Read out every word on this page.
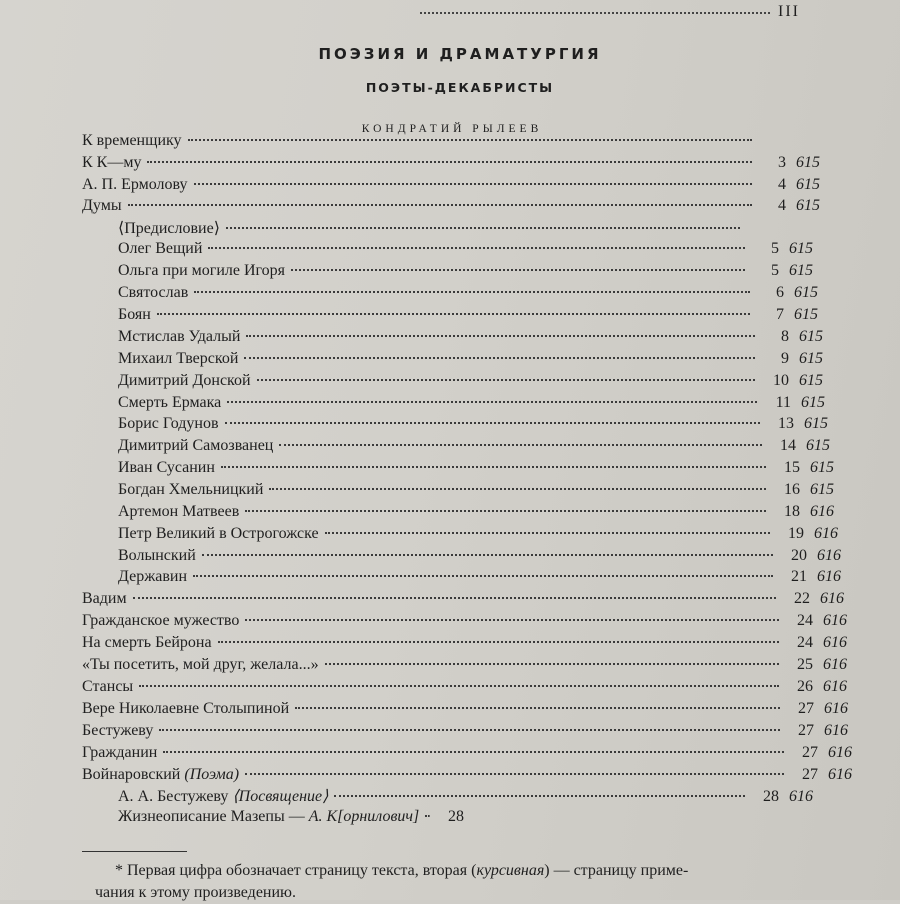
III
ПОЭЗИЯ И ДРАМАТУРГИЯ
ПОЭТЫ-ДЕКАБРИСТЫ
КОНДРАТИЙ РЫЛЕЕВ
К временщику
К К—му	3 615
А. П. Ермолову	4 615
Думы	4 615
⟨Предисловие⟩
Олег Вещий	5 615
Ольга при могиле Игоря	5 615
Святослав	6 615
Боян	7 615
Мстислав Удалый	8 615
Михаил Тверской	9 615
Димитрий Донской	10 615
Смерть Ермака	11 615
Борис Годунов	13 615
Димитрий Самозванец	14 615
Иван Сусанин	15 615
Богдан Хмельницкий	16 615
Артемон Матвеев	18 616
Петр Великий в Острогожске	19 616
Волынский	20 616
Державин	21 616
Вадим	22 616
Гражданское мужество	24 616
На смерть Бейрона	24 616
«Ты посетить, мой друг, желала...»	25 616
Стансы	26 616
Вере Николаевне Столыпиной	27 616
Бестужеву	27 616
Гражданин	27 616
Войнаровский (Поэма)	27 616
А. А. Бестужеву ⟨Посвящение⟩	28 616
Жизнеописание Мазепы — А. К[орнилович]	28
* Первая цифра обозначает страницу текста, вторая (курсивная) — страницу приме-
чания к этому произведению.
